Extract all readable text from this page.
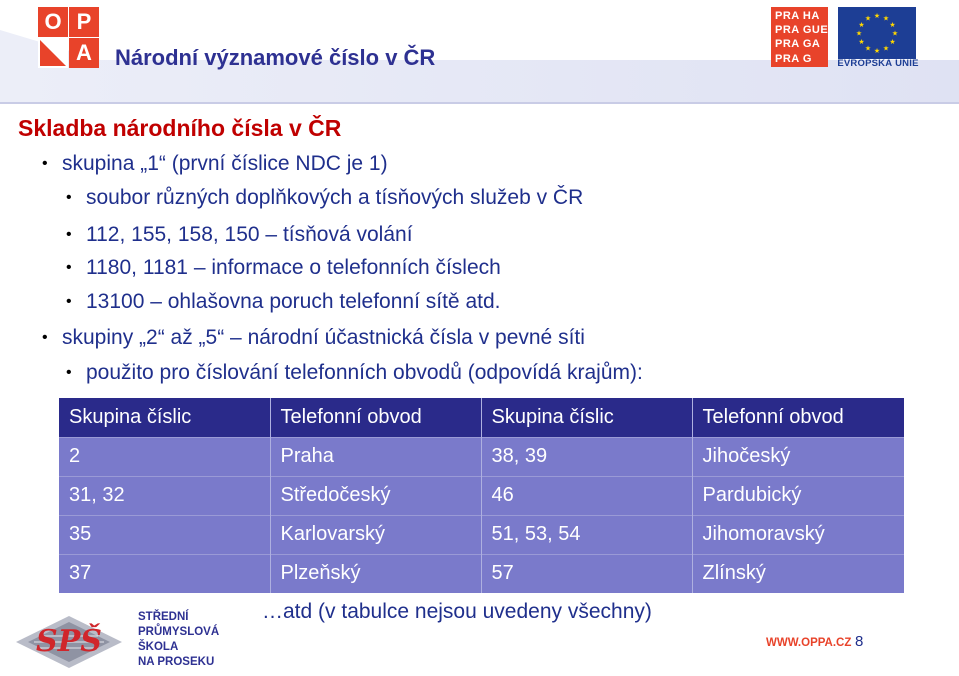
O P
A	Národní významové číslo v ČR
PRA HA
PRA GUE
PRA GA
PRA G
★ ★
★
★
★
★
★
★
★
★
★
★
EVROPSKÁ UNIE
Skladba národního čísla v ČR
• skupina „1“ (první číslice NDC je 1)
• soubor různých doplňkových a tísňových služeb v ČR
• 112, 155, 158, 150 – tísňová volání
• 1180, 1181 – informace o telefonních číslech
• 13100 – ohlašovna poruch telefonní sítě atd.
• skupiny „2“ až „5“ – národní účastnická čísla v pevné síti
• použito pro číslování telefonních obvodů (odpovídá krajům):
Skupina číslic	Telefonní obvod	Skupina číslic	Telefonní obvod
2	Praha	38, 39	Jihočeský
31, 32	Středočeský	46	Pardubický
35	Karlovarský	51, 53, 54	Jihomoravský
37	Plzeňský	57	Zlínský
…atd (v tabulce nejsou uvedeny všechny)
SPŠ
STŘEDNÍ
PRŮMYSLOVÁ
ŠKOLA
NA PROSEKU
WWW.OPPA.CZ 8
